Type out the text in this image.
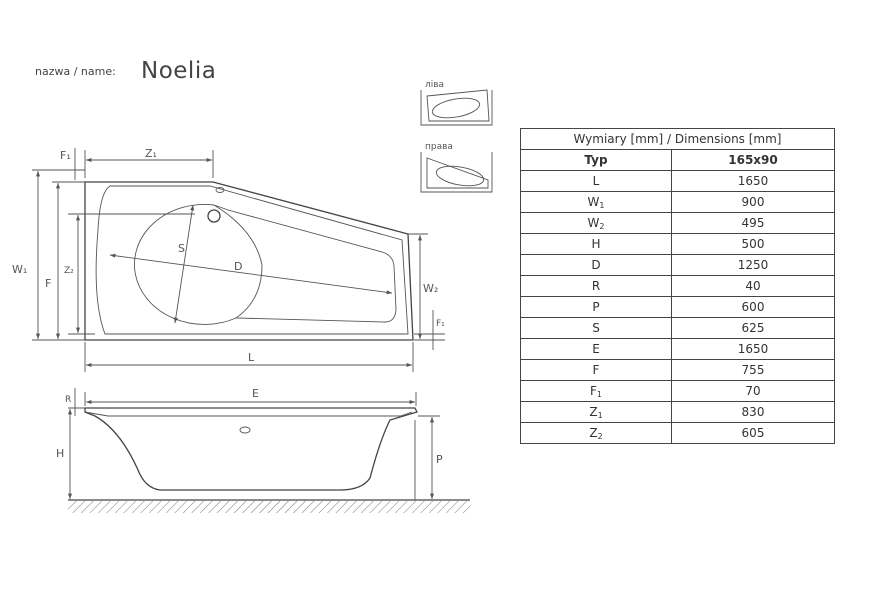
nazwa / name: Noelia
ліва
права
S
D
Z₁
F₁
W₁
F
Z₂
W₂
F₁
L
R	E
H	P
Wymiary [mm] / Dimensions [mm]	
Typ	165x90
L	1650
$W_1$	900
$W_2$	495
H	500
D	1250
R	40
P	600
S	625
E	1650
F	755
$F_1$	70
$Z_1$	830
$Z_2$	605
